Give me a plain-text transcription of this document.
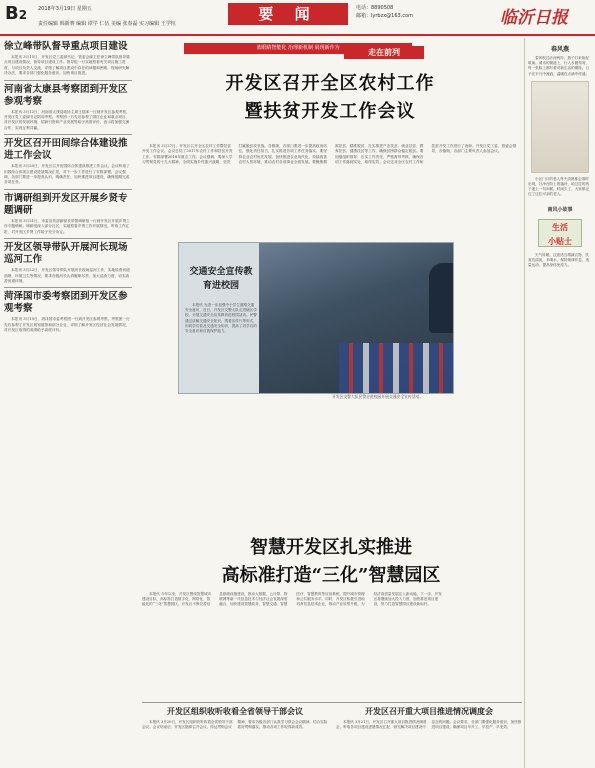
B2 2018年3月19日 星期五
责任编辑 韩新赛 编辑 谭学 仁伍 美编 张春磊 实习编辑 王学恒
要 闻	电话：8890508
邮箱：lyrbzx@163.com	临沂日报
徐立峰带队督导重点项目建设

本报讯 3月15日，开发区党工委副书记、管委会副主任徐立峰带队督导重点项目建设情况，督导项目建设工作。督导组一行实地察看有关项目施工进度，与项目负责人交流，详细了解项目建设中存在的问题和困难，现场研究解决办法，要求各部门强化服务意识，加快项目推进。

河南省太康县考察团到开发区参观考察

本报讯 3月12日，河南省太康县政协主席王瑞率一行到开发区参观考察，开发区党工委副书记陪同考察。考察团一行先后参观了园区企业和重点项目，对开发区的发展环境、招商引资和产业发展等给予高度评价，表示将加强交流合作，实现互利共赢。

开发区召开田间综合体建设推进工作会议

本报讯 3月20日，开发区召开田园综合体建设推进工作会议。会议听取了田园综合体项目建设进展情况汇报，对下一步工作进行了安排部署。会议强调，各部门要进一步提高认识，明确责任，加快推进项目建设，确保按期完成各项任务。

市调研组到开发区开展乡贤专题调研

本报讯 3月21日，市委宣传部副部长带领调研组一行到开发区开展乡贤工作专题调研。调研组深入部分社区，实地察看乡贤工作开展情况，听取工作汇报，对开发区乡贤工作给予充分肯定。

开发区领导带队开展河长现场巡河工作

本报讯 3月22日，开发区领导带队开展河长现场巡河工作，实地检查河道治理、环境卫生等情况，要求各级河长认真履职尽责，加大巡查力度，切实改善河道环境。

菏泽国市委考察团到开发区参观考察

本报讯 3月19日，菏泽国市委考察团一行到开发区参观考察。考察团一行先后参观了开发区规划展馆和部分企业，详细了解开发区经济社会发展情况，对开发区取得的成绩给予高度评价。

蓝眼睛智能化 治理新机制 展现新作为	走在前列
开发区召开全区农村工作
暨扶贫开发工作会议
本报讯 3月27日，开发区召开全区农村工作暨扶贫开发工作会议。会议总结了2017年农村工作和扶贫开发工作，安排部署2018年重点工作。会议强调，要深入学习贯彻党的十九大精神，全面实施乡村振兴战略，坚决打赢脱贫攻坚战。各镇街、各部门要进一步提高政治站位，强化责任担当，扎实推进各项工作任务落实。要坚持农业农村优先发展，加快推进农业现代化，持续改善农村人居环境，推动农村各项事业全面发展。要聚焦精准扶贫、精准脱贫，扎实推进产业扶贫、就业扶贫、教育扶贫、健康扶贫等工作，确保贫困群众稳定脱贫。要加强组织领导，压实工作责任，严格督导考核，确保各项工作落到实处、取得实效。会议还对全区农村工作和扶贫开发工作进行了表彰。开发区党工委、管委会领导，各镇街、各部门主要负责人参加会议。
交通安全宣传教育进校园
本报讯 为进一步加强中小学生道路交通安全意识，近日，开发区交警大队走进辖区学校，开展交通安全宣传教育进校园活动。民警通过讲解交通安全知识、观看宣传片等形式，向同学们普及交通安全知识，提高了同学们的安全意识和自我保护能力。
开发区交警大队民警走进校园开展交通安全宣传活动。
智慧开发区扎实推进
高标准打造“三化”智慧园区
本报讯 今年以来，开发区围绕智慧城市建设目标，高标准打造数字化、网络化、智能化的“三化”智慧园区。开发区不断完善信息基础设施建设，推动大数据、云计算、物联网等新一代信息技术与经济社会发展深度融合，加快建设智慧政务、智慧交通、智慧医疗、智慧教育等应用系统，提升城市管理和公共服务水平。同时，开发区积极引进和培育信息技术企业，推动产业转型升级，为经济高质量发展注入新动能。下一步，开发区将继续加大投入力度，加快推进项目建设，努力打造智慧园区建设新标杆。
开发区组织收听收看全省领导干部会议
本报讯 3月20日，开发区组织收听收看全省领导干部会议。会议结束后，开发区随即召开会议，传达贯彻会议精神，要求各级各部门认真学习领会会议精神，结合实际抓好贯彻落实，推动各项工作取得新成效。
开发区召开重大项目推进情况调度会
本报讯 3月21日，开发区召开重大项目推进情况调度会，听取各项目建设进展情况汇报，研究解决项目建设中存在的问题。会议要求，各部门要强化服务意识，加快推进项目建设，确保项目早开工、早投产、早见效。
春风燕
春风吹过沂河两岸，燕子归来衔泥筑巢。城市的街道上，行人步履匆匆，每一张脸上都写着对新生活的期待。日子在平凡中流淌，温暖在点滴中传递。
小区门口的老人每天清晨都会准时出现，扫净台阶上的落叶，给过往的孩子递上一句问候。时间久了，大家都记住了这位可亲的老人。
南风小故事
生活
小贴士
天气转暖，注意适当增减衣物，饮食宜清淡，多喝水，保持规律作息，适量运动，提高身体免疫力。
